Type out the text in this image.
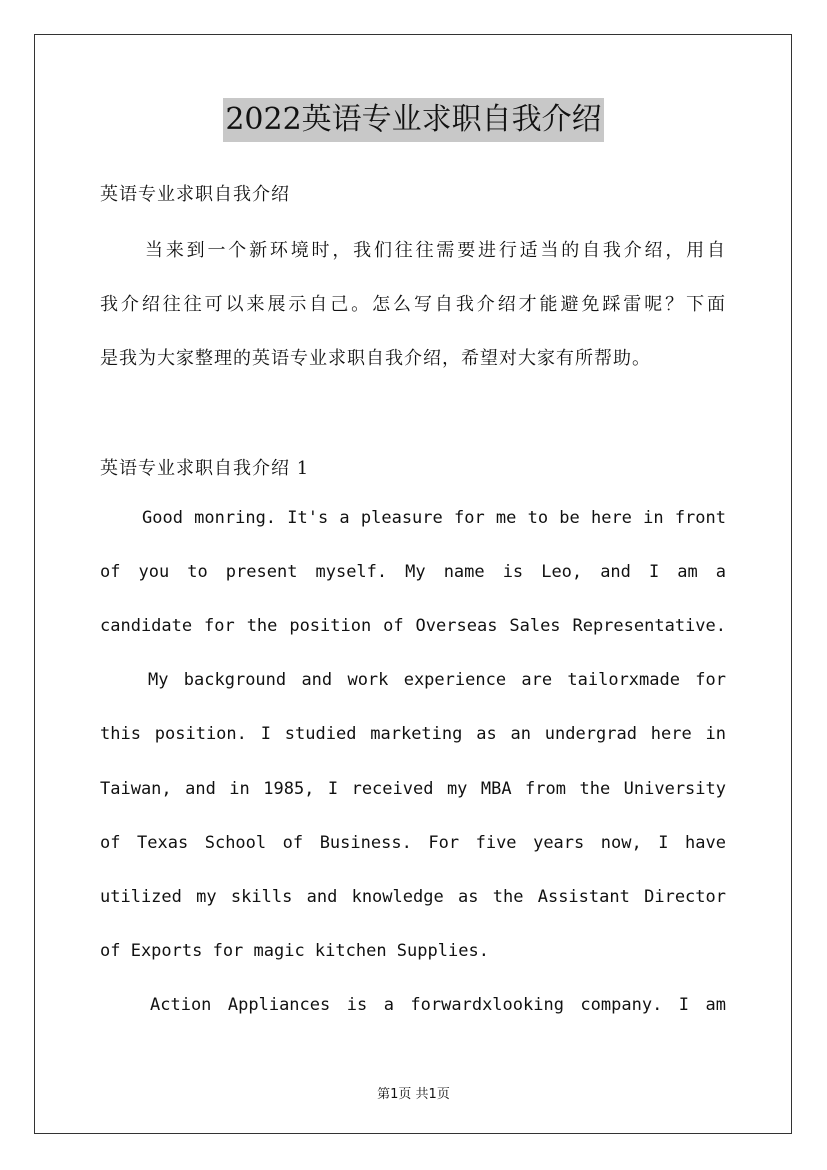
2022英语专业求职自我介绍
英语专业求职自我介绍
当来到一个新环境时，我们往往需要进行适当的自我介绍，用自
我介绍往往可以来展示自己。怎么写自我介绍才能避免踩雷呢？下面
是我为大家整理的英语专业求职自我介绍，希望对大家有所帮助。
英语专业求职自我介绍 1
Good monring. It's a pleasure for me to be here in front
of you to present myself. My name is Leo, and I am a
candidate for the position of Overseas Sales Representative.
My background and work experience are tailorxmade for
this position. I studied marketing as an undergrad here in
Taiwan, and in 1985, I received my MBA from the University
of Texas School of Business. For five years now, I have
utilized my skills and knowledge as the Assistant Director
of Exports for magic kitchen Supplies.
Action Appliances is a forwardxlooking company. I am
第1页 共1页
